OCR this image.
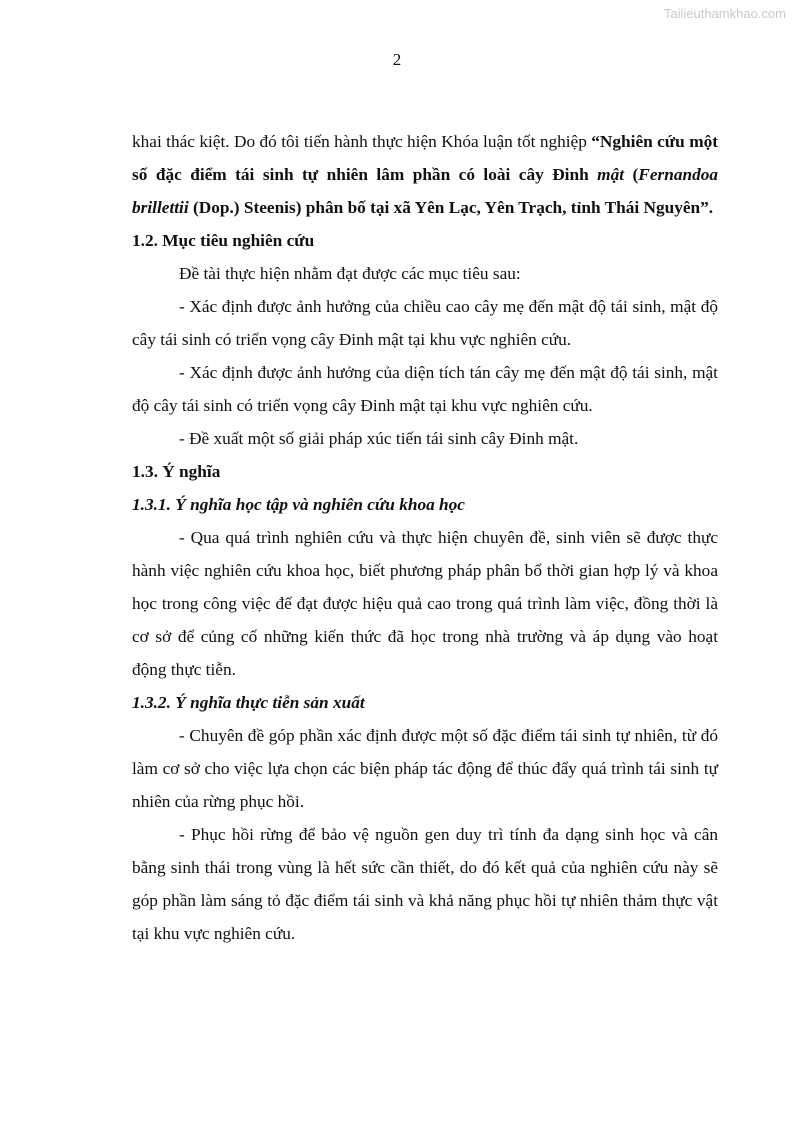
Tailieuthamkhao.com
2

khai thác kiệt. Do đó tôi tiến hành thực hiện Khóa luận tốt nghiệp “Nghiên cứu một số đặc điểm tái sinh tự nhiên lâm phần có loài cây Đinh mật (Fernandoa brillettii (Dop.) Steenis) phân bố tại xã Yên Lạc, Yên Trạch, tỉnh Thái Nguyên”.

1.2. Mục tiêu nghiên cứu

Đề tài thực hiện nhằm đạt được các mục tiêu sau:

- Xác định được ảnh hưởng của chiều cao cây mẹ đến mật độ tái sinh, mật độ cây tái sinh có triển vọng cây Đinh mật tại khu vực nghiên cứu.

- Xác định được ảnh hưởng của diện tích tán cây mẹ đến mật độ tái sinh, mật độ cây tái sinh có triển vọng cây Đinh mật tại khu vực nghiên cứu.

- Đề xuất một số giải pháp xúc tiến tái sinh cây Đinh mật.

1.3. Ý nghĩa

1.3.1. Ý nghĩa học tập và nghiên cứu khoa học

- Qua quá trình nghiên cứu và thực hiện chuyên đề, sinh viên sẽ được thực hành việc nghiên cứu khoa học, biết phương pháp phân bổ thời gian hợp lý và khoa học trong công việc để đạt được hiệu quả cao trong quá trình làm việc, đồng thời là cơ sở để củng cố những kiến thức đã học trong nhà trường và áp dụng vào hoạt động thực tiễn.

1.3.2. Ý nghĩa thực tiễn sản xuất

- Chuyên đề góp phần xác định được một số đặc điểm tái sinh tự nhiên, từ đó làm cơ sở cho việc lựa chọn các biện pháp tác động để thúc đẩy quá trình tái sinh tự nhiên của rừng phục hồi.

- Phục hồi rừng để bảo vệ nguồn gen duy trì tính đa dạng sinh học và cân bằng sinh thái trong vùng là hết sức cần thiết, do đó kết quả của nghiên cứu này sẽ góp phần làm sáng tỏ đặc điểm tái sinh và khả năng phục hồi tự nhiên thảm thực vật tại khu vực nghiên cứu.
